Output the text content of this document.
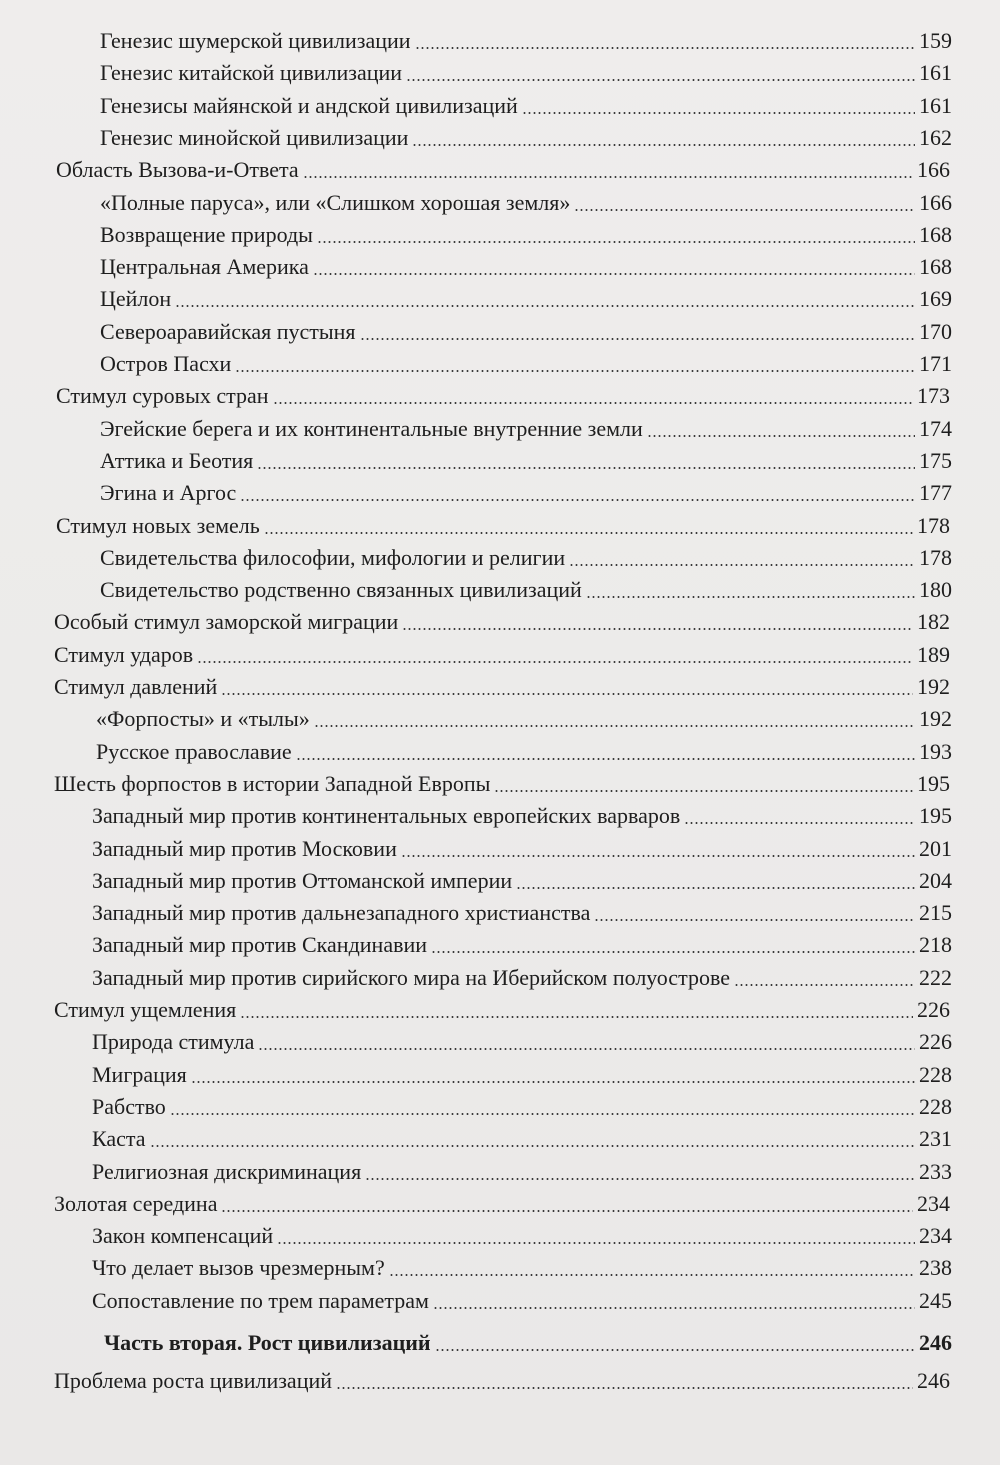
Генезис шумерской цивилизации	159
Генезис китайской цивилизации	161
Генезисы майянской и андской цивилизаций	161
Генезис минойской цивилизации	162
Область Вызова-и-Ответа	166
«Полные паруса», или «Слишком хорошая земля»	166
Возвращение природы	168
Центральная Америка	168
Цейлон	169
Североаравийская пустыня	170
Остров Пасхи	171
Стимул суровых стран	173
Эгейские берега и их континентальные внутренние земли	174
Аттика и Беотия	175
Эгина и Аргос	177
Стимул новых земель	178
Свидетельства философии, мифологии и религии	178
Свидетельство родственно связанных цивилизаций	180
Особый стимул заморской миграции	182
Стимул ударов	189
Стимул давлений	192
«Форпосты» и «тылы»	192
Русское православие	193
Шесть форпостов в истории Западной Европы	195
Западный мир против континентальных европейских варваров	195
Западный мир против Московии	201
Западный мир против Оттоманской империи	204
Западный мир против дальнезападного христианства	215
Западный мир против Скандинавии	218
Западный мир против сирийского мира на Иберийском полуострове	222
Стимул ущемления	226
Природа стимула	226
Миграция	228
Рабство	228
Каста	231
Религиозная дискриминация	233
Золотая середина	234
Закон компенсаций	234
Что делает вызов чрезмерным?	238
Сопоставление по трем параметрам	245
Часть вторая. Рост цивилизаций	246
Проблема роста цивилизаций	246
